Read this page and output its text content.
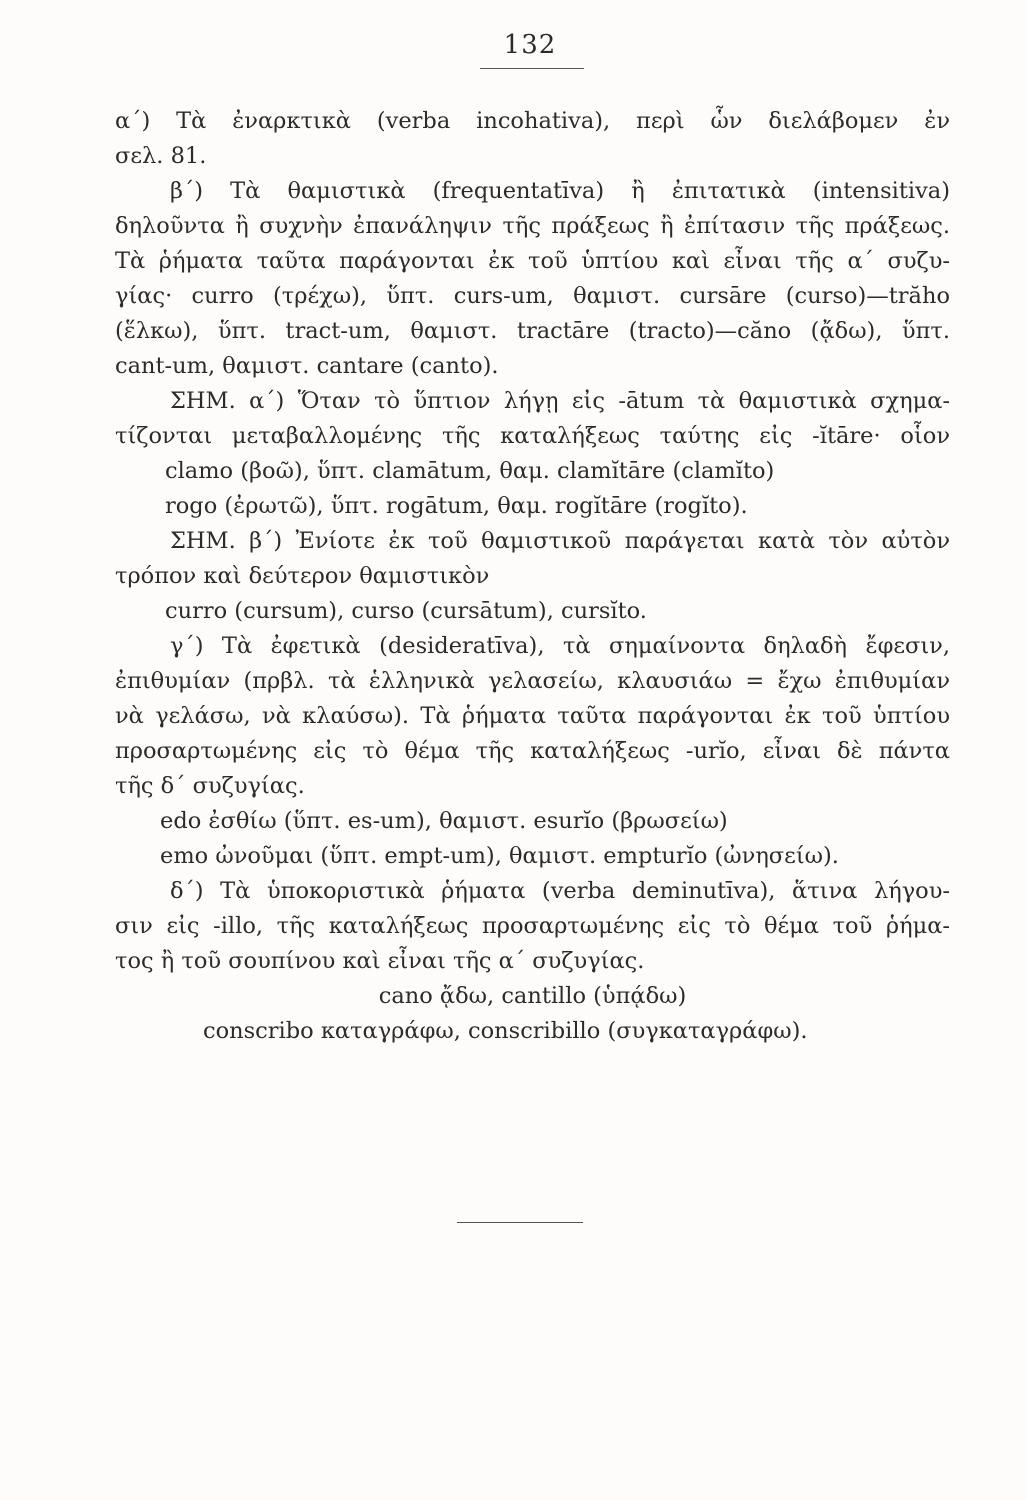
132
α΄) Τὰ ἐναρκτικὰ (verba incohativa), περὶ ὧν διελάβομεν ἐν
σελ. 81.
β΄) Τὰ θαμιστικὰ (frequentatīva) ἢ ἐπιτατικὰ (intensitiva)
δηλοῦντα ἢ συχνὴν ἐπανάληψιν τῆς πράξεως ἢ ἐπίτασιν τῆς πράξεως.
Τὰ ῥήματα ταῦτα παράγονται ἐκ τοῦ ὑπτίου καὶ εἶναι τῆς α΄ συζυ-
γίας· curro (τρέχω), ὕπτ. curs-um, θαμιστ. cursāre (curso)—trăho
(ἕλκω), ὕπτ. tract-um, θαμιστ. tractāre (tracto)—căno (ᾄδω), ὕπτ.
cant-um, θαμιστ. cantare (canto).
ΣΗΜ. α΄) Ὅταν τὸ ὕπτιον λήγῃ εἰς -ātum τὰ θαμιστικὰ σχημα-
τίζονται μεταβαλλομένης τῆς καταλήξεως ταύτης εἰς -ĭtāre· οἷον
clamo (βοῶ), ὕπτ. clamātum, θαμ. clamĭtāre (clamĭto)
rogo (ἐρωτῶ), ὕπτ. rogātum, θαμ. rogĭtāre (rogĭto).
ΣΗΜ. β΄) Ἐνίοτε ἐκ τοῦ θαμιστικοῦ παράγεται κατὰ τὸν αὐτὸν
τρόπον καὶ δεύτερον θαμιστικὸν
curro (cursum), curso (cursātum), cursĭto.
γ΄) Τὰ ἐφετικὰ (desideratīva), τὰ σημαίνοντα δηλαδὴ ἔφεσιν,
ἐπιθυμίαν (πρβλ. τὰ ἑλληνικὰ γελασείω, κλαυσιάω = ἔχω ἐπιθυμίαν
νὰ γελάσω, νὰ κλαύσω). Τὰ ῥήματα ταῦτα παράγονται ἐκ τοῦ ὑπτίου
προσαρτωμένης εἰς τὸ θέμα τῆς καταλήξεως -urĭo, εἶναι δὲ πάντα
τῆς δ΄ συζυγίας.
edo ἐσθίω (ὕπτ. es-um), θαμιστ. esurĭo (βρωσείω)
emo ὠνοῦμαι (ὕπτ. empt-um), θαμιστ. empturĭo (ὠνησείω).
δ΄) Τὰ ὑποκοριστικὰ ῥήματα (verba deminutīva), ἅτινα λήγου-
σιν εἰς -illo, τῆς καταλήξεως προσαρτωμένης εἰς τὸ θέμα τοῦ ῥήμα-
τος ἢ τοῦ σουπίνου καὶ εἶναι τῆς α΄ συζυγίας.
cano ᾄδω, cantillo (ὑπᾴδω)
conscribo καταγράφω, conscribillo (συγκαταγράφω).
